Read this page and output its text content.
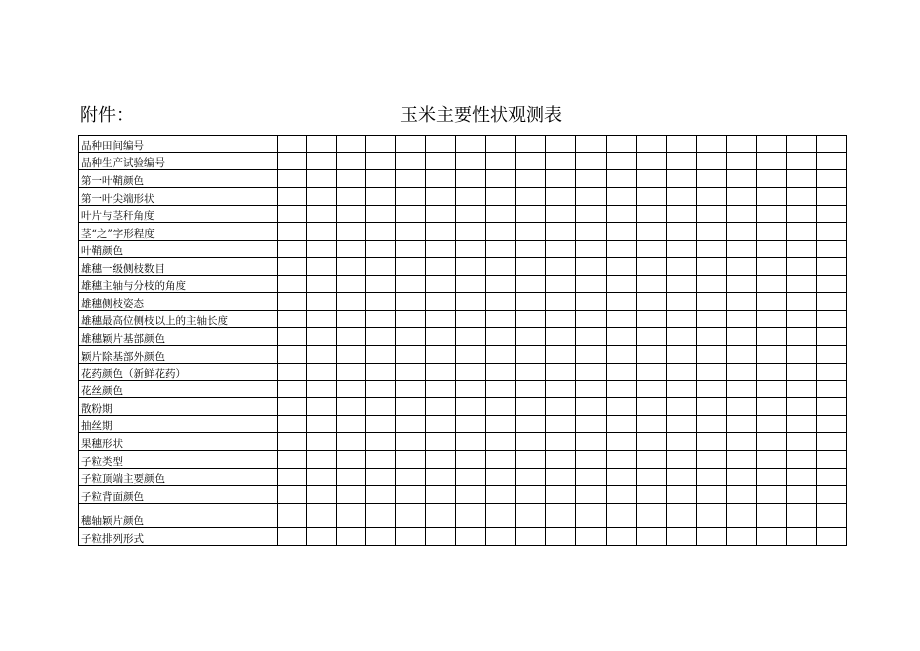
附件：	玉米主要性状观测表
品种田间编号																			
品种生产试验编号																			
第一叶鞘颜色																			
第一叶尖端形状																			
叶片与茎秆角度																			
茎“之”字形程度																			
叶鞘颜色																			
雄穗一级侧枝数目																			
雄穗主轴与分枝的角度																			
雄穗侧枝姿态																			
雄穗最高位侧枝以上的主轴长度																			
雄穗颖片基部颜色																			
颖片除基部外颜色																			
花药颜色（新鲜花药）																			
花丝颜色																			
散粉期																			
抽丝期																			
果穗形状																			
子粒类型																			
子粒顶端主要颜色																			
子粒背面颜色																			
穗轴颖片颜色																			
子粒排列形式																			
